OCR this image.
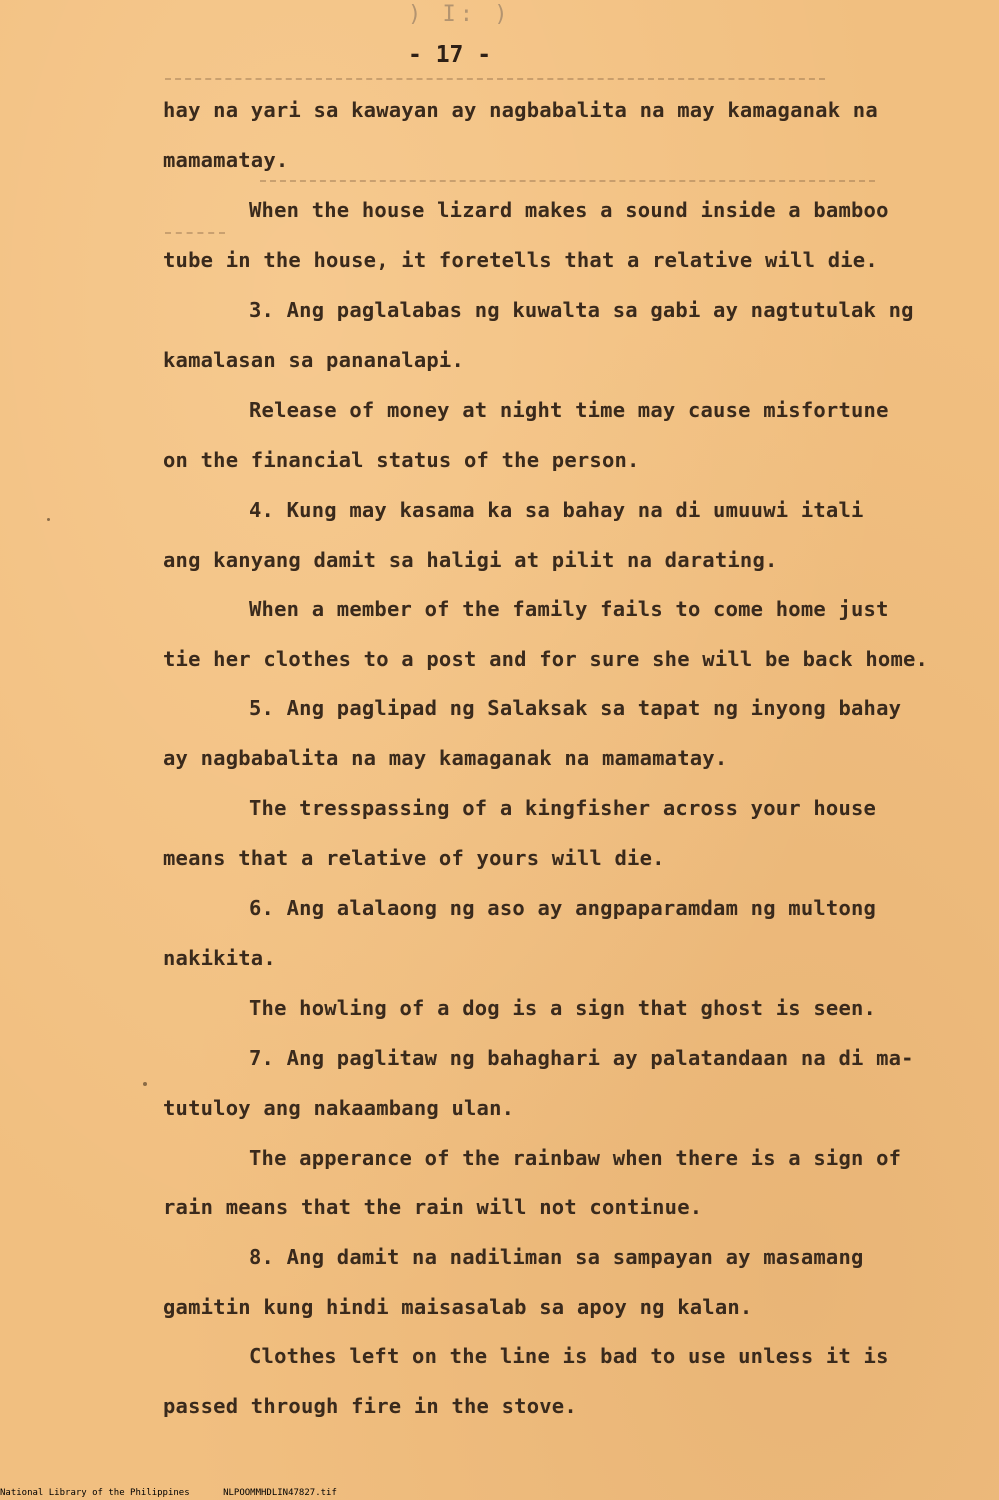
) I: )
- 17 -
hay na yari sa kawayan ay nagbabalita na may kamaganak na
mamamatay.
When the house lizard makes a sound inside a bamboo
tube in the house, it foretells that a relative will die.
3. Ang paglalabas ng kuwalta sa gabi ay nagtutulak ng
kamalasan sa pananalapi.
Release of money at night time may cause misfortune
on the financial status of the person.
4. Kung may kasama ka sa bahay na di umuuwi itali
ang kanyang damit sa haligi at pilit na darating.
When a member of the family fails to come home just
tie her clothes to a post and for sure she will be back home.
5. Ang paglipad ng Salaksak sa tapat ng inyong bahay
ay nagbabalita na may kamaganak na mamamatay.
The tresspassing of a kingfisher across your house
means that a relative of yours will die.
6. Ang alalaong ng aso ay angpaparamdam ng multong
nakikita.
The howling of a dog is a sign that ghost is seen.
7. Ang paglitaw ng bahaghari ay palatandaan na di ma-
tutuloy ang nakaambang ulan.
The apperance of the rainbaw when there is a sign of
rain means that the rain will not continue.
8. Ang damit na nadiliman sa sampayan ay masamang
gamitin kung hindi maisasalab sa apoy ng kalan.
Clothes left on the line is bad to use unless it is
passed through fire in the stove.
National Library of the Philippines	NLPOOMMHDLIN47827.tif
